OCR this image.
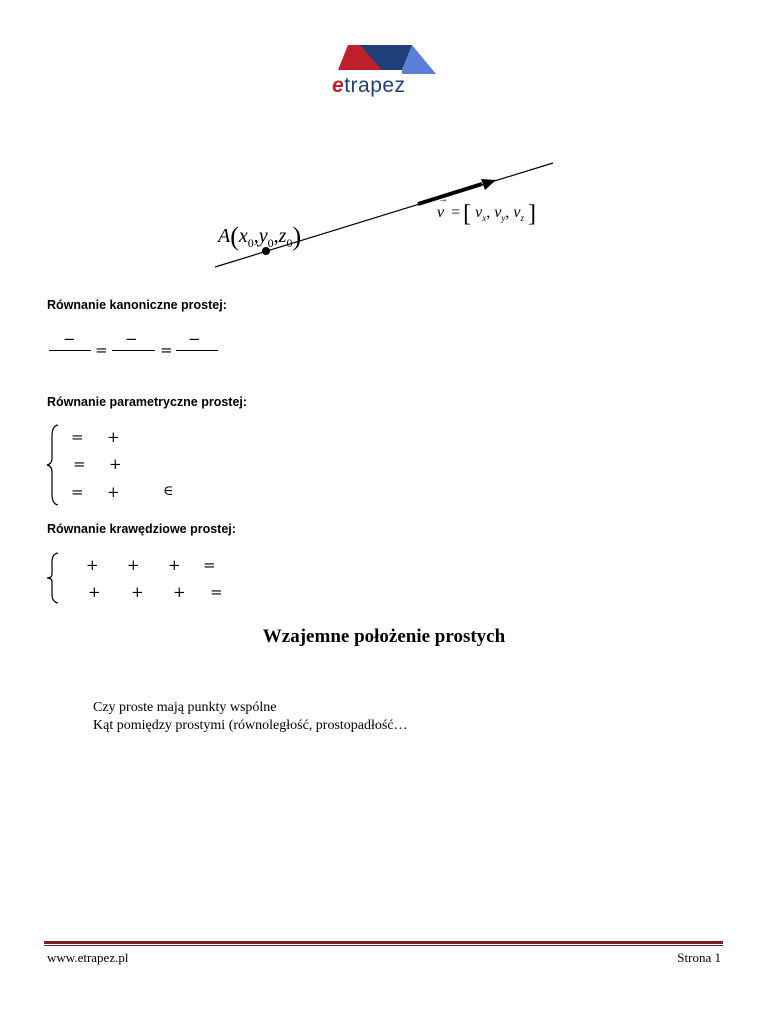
etrapez
$A(x_0,y_0,z_0)$
→
v = [ $v_x$, $v_y$, $v_z$ ]
Równanie kanoniczne prostej:
−	−	−
=	=
Równanie parametryczne prostej:
= +
= +
= +	∈
Równanie krawędziowe prostej:
+ + + =
+ + + =
Wzajemne położenie prostych
Czy proste mają punkty wspólne
Kąt pomiędzy prostymi (równoległość, prostopadłość…
www.etrapez.pl	Strona 1
